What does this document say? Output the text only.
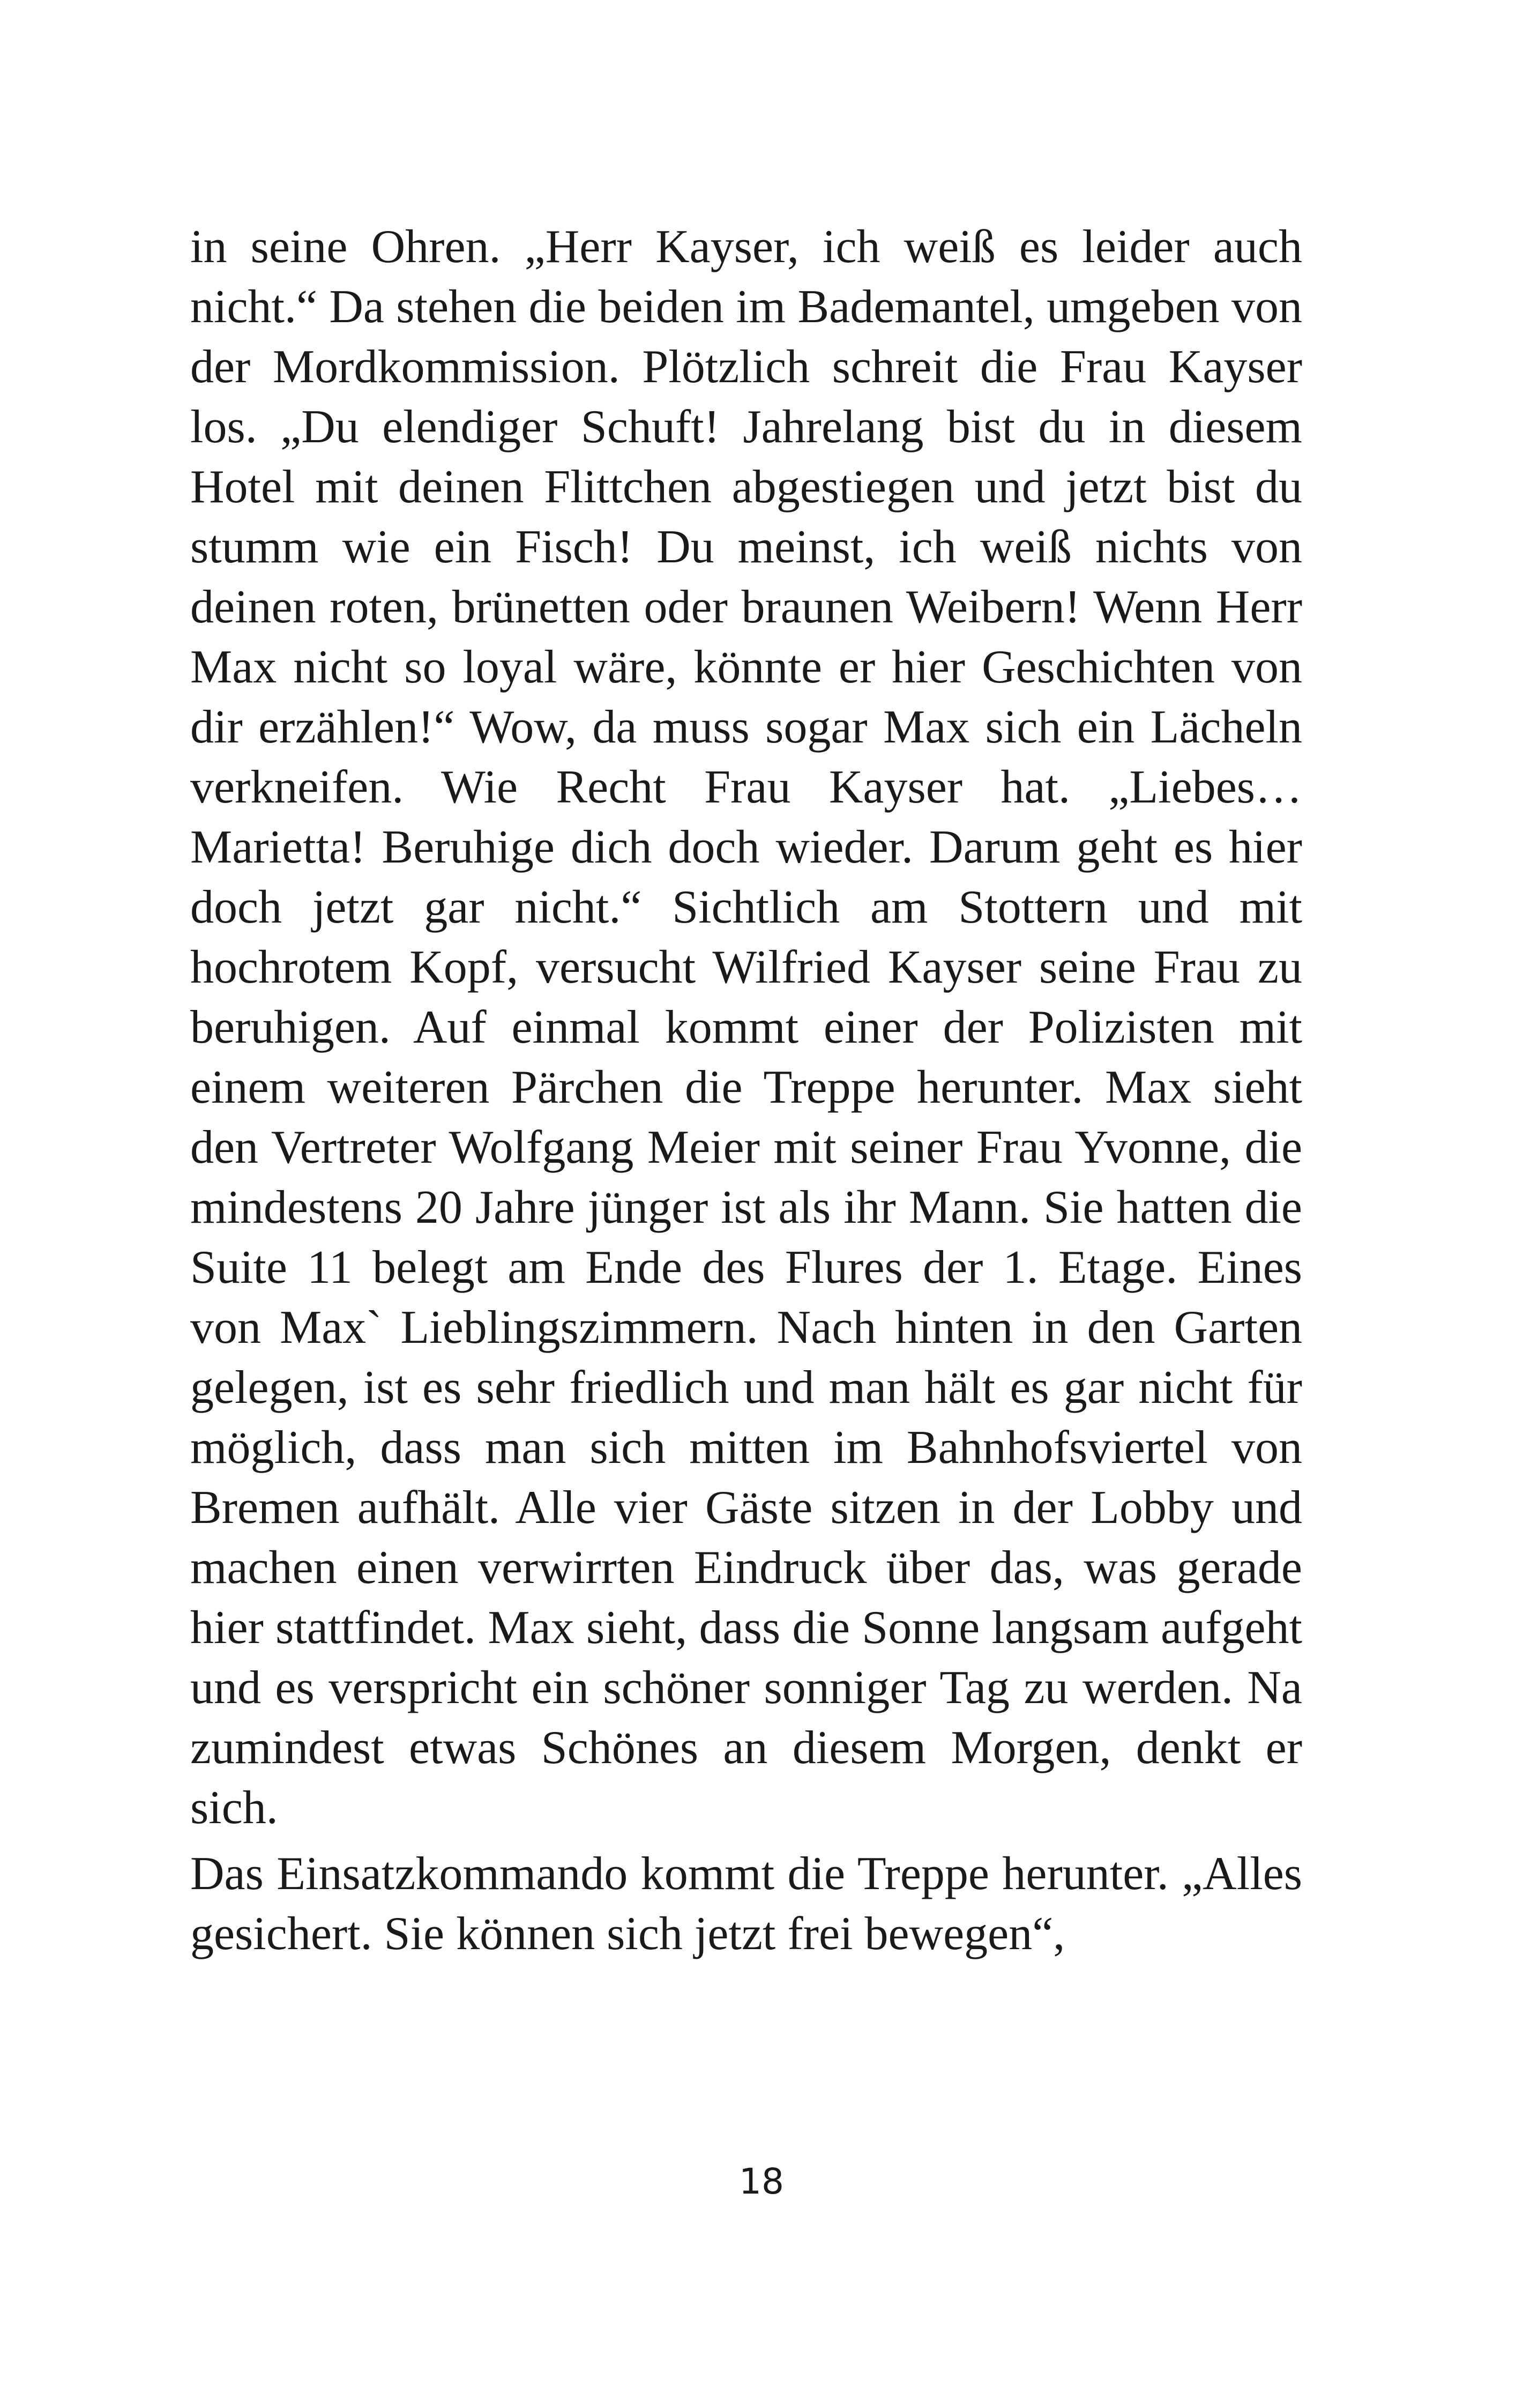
in seine Ohren. „Herr Kayser, ich weiß es leider auch nicht.“ Da stehen die beiden im Bademantel, umgeben von der Mordkommission. Plötzlich schreit die Frau Kayser los. „Du elendiger Schuft! Jahrelang bist du in diesem Hotel mit deinen Flittchen abgestiegen und jetzt bist du stumm wie ein Fisch! Du meinst, ich weiß nichts von deinen roten, brünetten oder braunen Weibern! Wenn Herr Max nicht so loyal wäre, könnte er hier Geschichten von dir erzählen!“ Wow, da muss sogar Max sich ein Lächeln verkneifen. Wie Recht Frau Kayser hat. „Liebes… Marietta! Beruhige dich doch wieder. Darum geht es hier doch jetzt gar nicht.“ Sichtlich am Stottern und mit hochrotem Kopf, versucht Wilfried Kayser seine Frau zu beruhigen. Auf einmal kommt einer der Polizisten mit einem weiteren Pärchen die Treppe herunter. Max sieht den Vertreter Wolfgang Meier mit seiner Frau Yvonne, die mindestens 20 Jahre jünger ist als ihr Mann. Sie hatten die Suite 11 belegt am Ende des Flures der 1. Etage. Eines von Max` Lieblingszimmern. Nach hinten in den Garten gelegen, ist es sehr friedlich und man hält es gar nicht für möglich, dass man sich mitten im Bahnhofsviertel von Bremen aufhält. Alle vier Gäste sitzen in der Lobby und machen einen verwirrten Eindruck über das, was gerade hier stattfindet. Max sieht, dass die Sonne langsam aufgeht und es verspricht ein schöner sonniger Tag zu werden. Na zumindest etwas Schönes an diesem Morgen, denkt er sich.

Das Einsatzkommando kommt die Treppe herunter. „Alles gesichert. Sie können sich jetzt frei bewegen“,

18
